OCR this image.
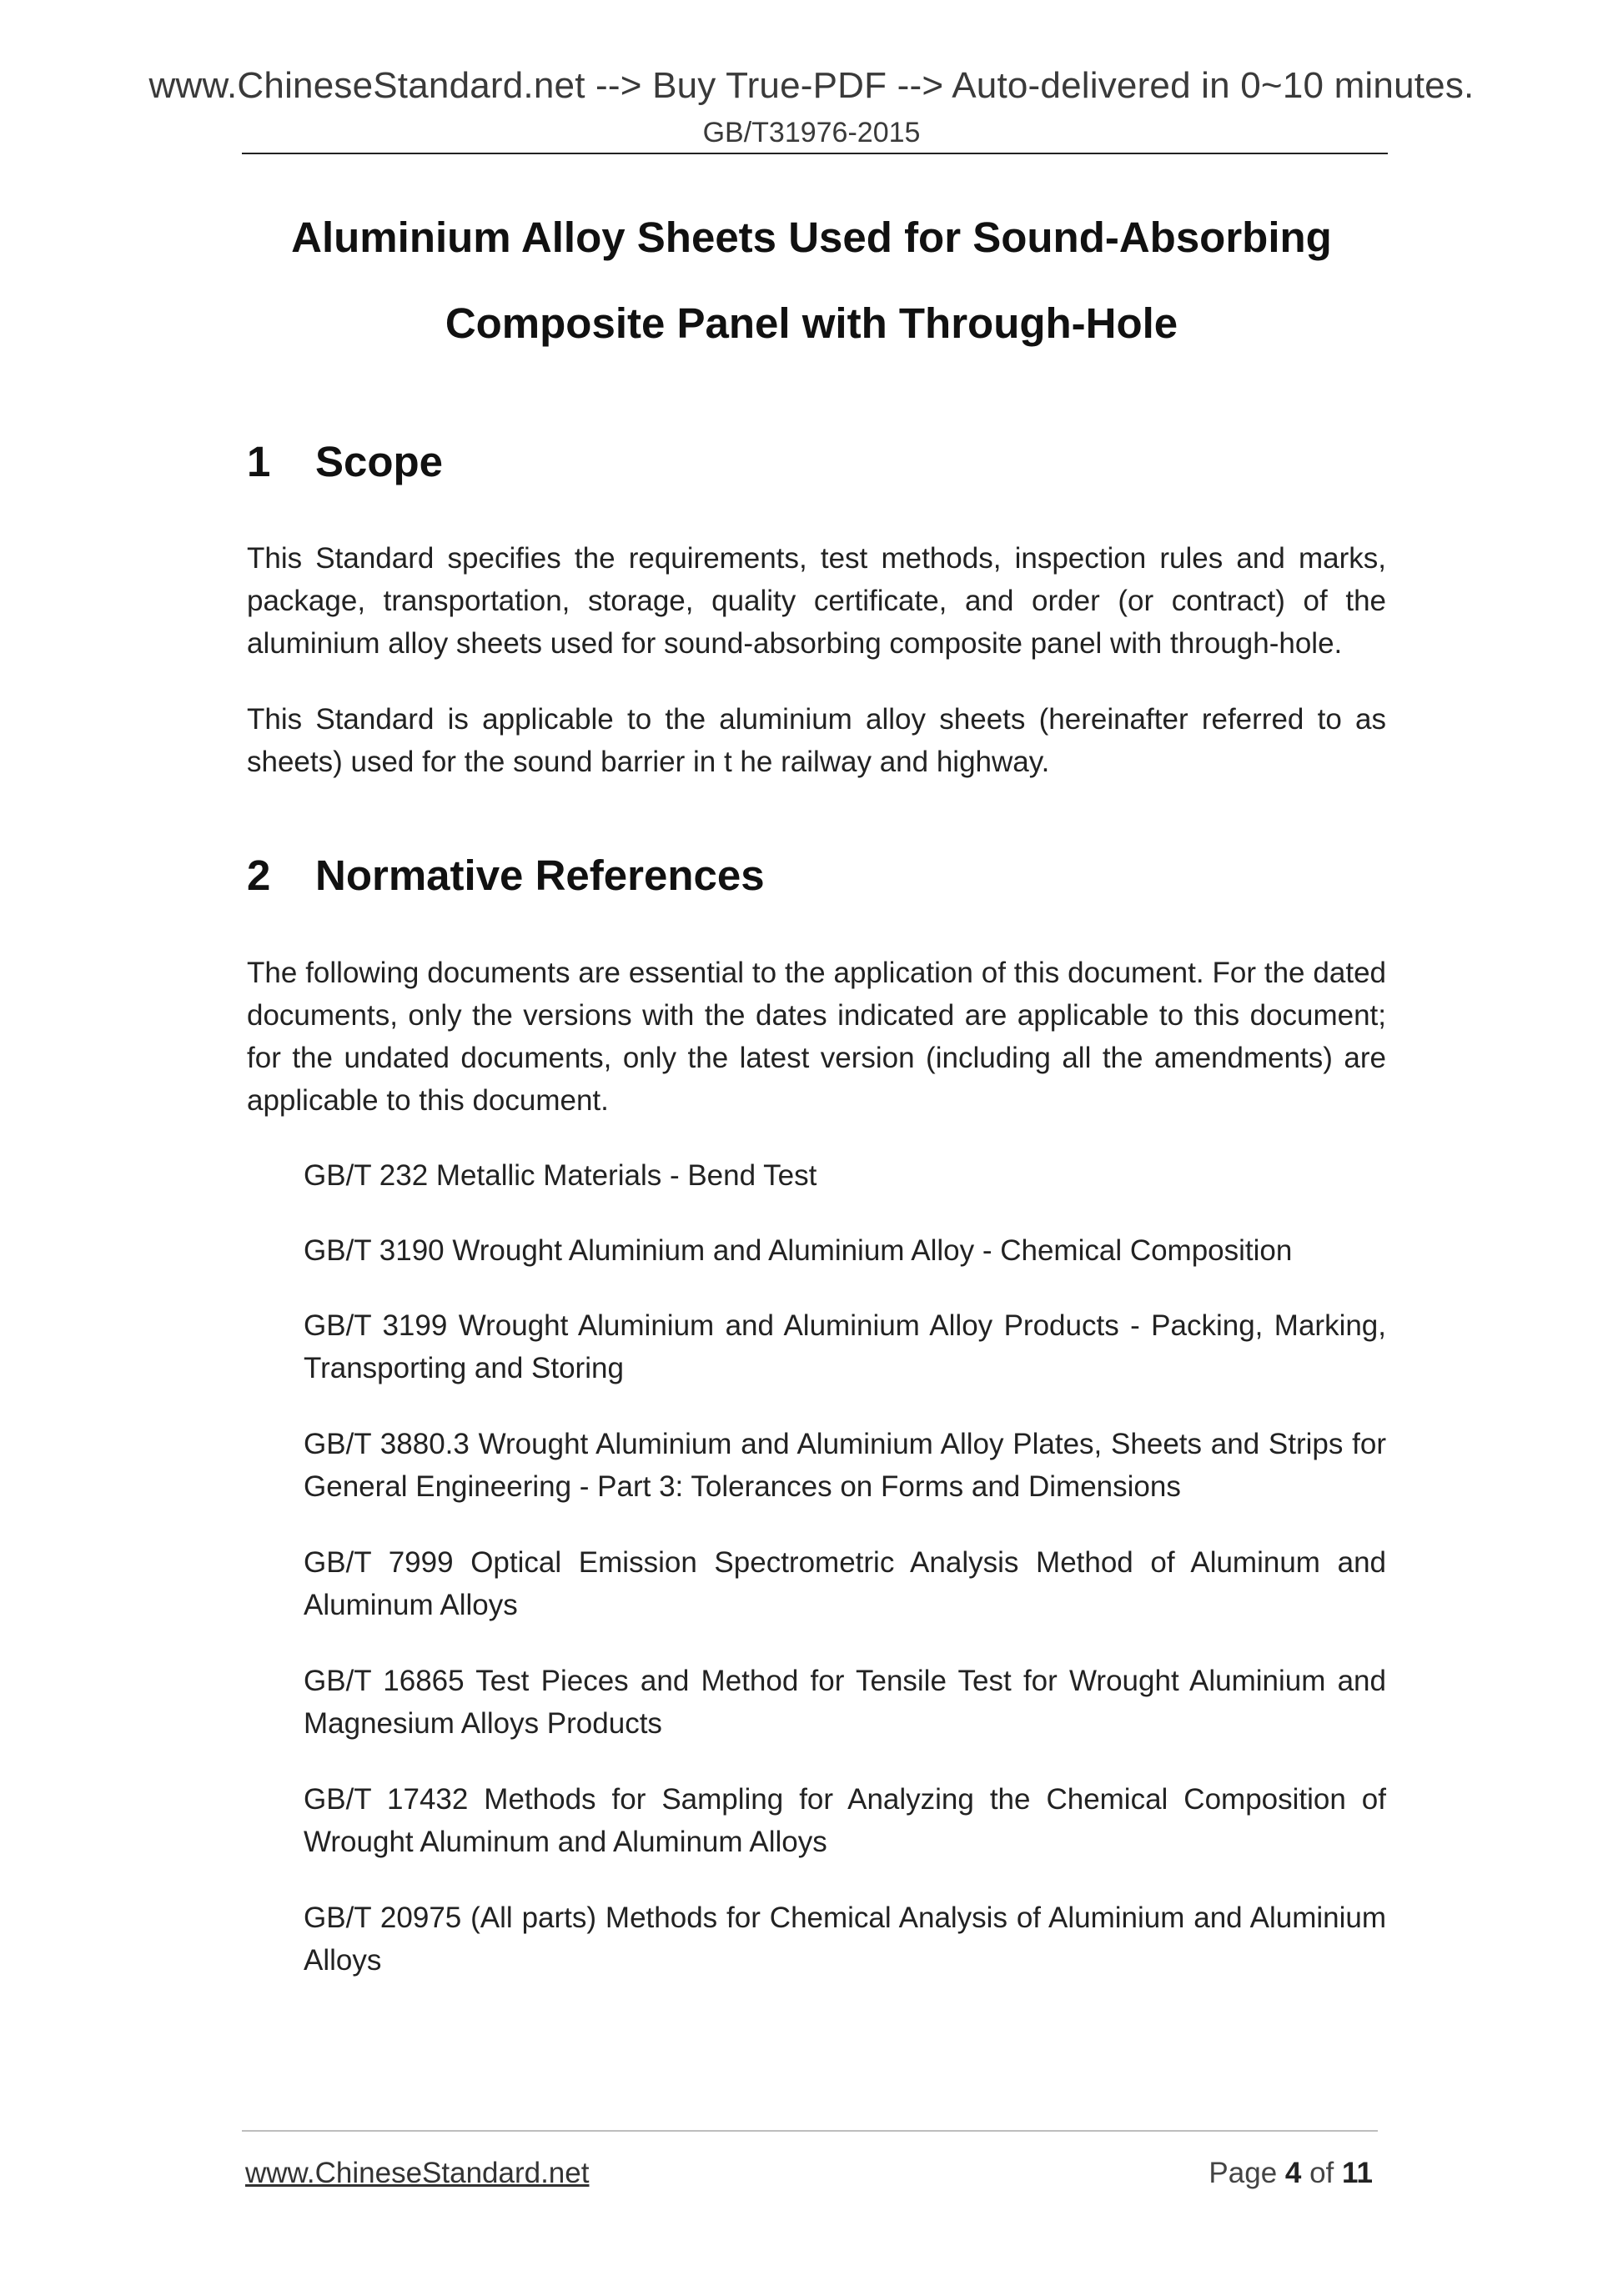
www.ChineseStandard.net --> Buy True-PDF --> Auto-delivered in 0~10 minutes.
GB/T31976-2015
Aluminium Alloy Sheets Used for Sound-Absorbing
Composite Panel with Through-Hole
1 Scope
This Standard specifies the requirements, test methods, inspection rules and marks, package, transportation, storage, quality certificate, and order (or contract) of the aluminium alloy sheets used for sound-absorbing composite panel with through-hole.
This Standard is applicable to the aluminium alloy sheets (hereinafter referred to as sheets) used for the sound barrier in t he railway and highway.
2 Normative References
The following documents are essential to the application of this document. For the dated documents, only the versions with the dates indicated are applicable to this document; for the undated documents, only the latest version (including all the amendments) are applicable to this document.
GB/T 232 Metallic Materials - Bend Test
GB/T 3190 Wrought Aluminium and Aluminium Alloy - Chemical Composition
GB/T 3199 Wrought Aluminium and Aluminium Alloy Products - Packing, Marking, Transporting and Storing
GB/T 3880.3 Wrought Aluminium and Aluminium Alloy Plates, Sheets and Strips for General Engineering - Part 3: Tolerances on Forms and Dimensions
GB/T 7999 Optical Emission Spectrometric Analysis Method of Aluminum and Aluminum Alloys
GB/T 16865 Test Pieces and Method for Tensile Test for Wrought Aluminium and Magnesium Alloys Products
GB/T 17432 Methods for Sampling for Analyzing the Chemical Composition of Wrought Aluminum and Aluminum Alloys
GB/T 20975 (All parts) Methods for Chemical Analysis of Aluminium and Aluminium Alloys
www.ChineseStandard.net	Page 4 of 11
